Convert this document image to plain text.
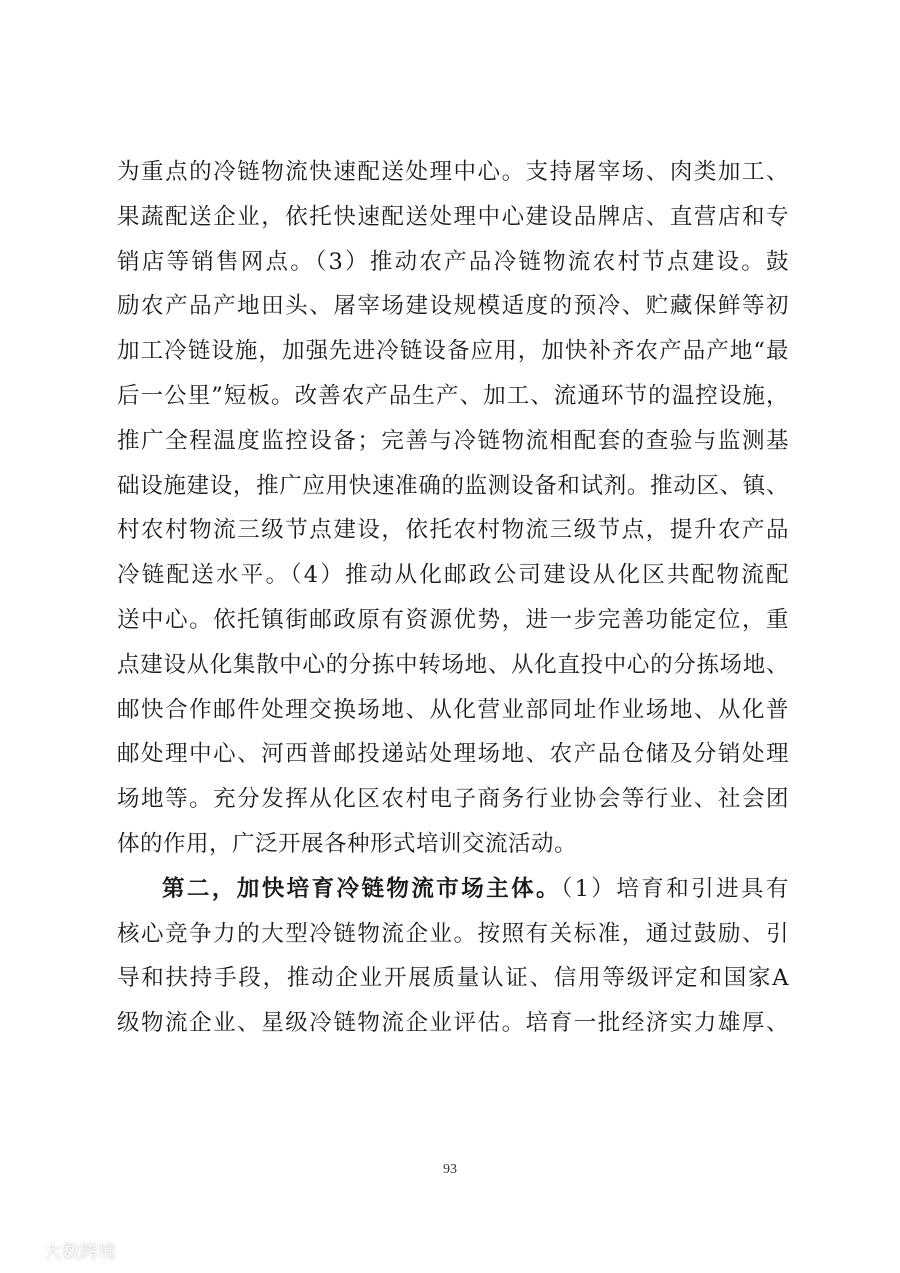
为重点的冷链物流快速配送处理中心。支持屠宰场、肉类加工、
果蔬配送企业，依托快速配送处理中心建设品牌店、直营店和专
销店等销售网点。（3）推动农产品冷链物流农村节点建设。鼓
励农产品产地田头、屠宰场建设规模适度的预冷、贮藏保鲜等初
加工冷链设施，加强先进冷链设备应用，加快补齐农产品产地“最
后一公里”短板。改善农产品生产、加工、流通环节的温控设施，
推广全程温度监控设备；完善与冷链物流相配套的查验与监测基
础设施建设，推广应用快速准确的监测设备和试剂。推动区、镇、
村农村物流三级节点建设，依托农村物流三级节点，提升农产品
冷链配送水平。（4）推动从化邮政公司建设从化区共配物流配
送中心。依托镇街邮政原有资源优势，进一步完善功能定位，重
点建设从化集散中心的分拣中转场地、从化直投中心的分拣场地、
邮快合作邮件处理交换场地、从化营业部同址作业场地、从化普
邮处理中心、河西普邮投递站处理场地、农产品仓储及分销处理
场地等。充分发挥从化区农村电子商务行业协会等行业、社会团
体的作用，广泛开展各种形式培训交流活动。
第二，加快培育冷链物流市场主体。（1）培育和引进具有
核心竞争力的大型冷链物流企业。按照有关标准，通过鼓励、引
导和扶持手段，推动企业开展质量认证、信用等级评定和国家A
级物流企业、星级冷链物流企业评估。培育一批经济实力雄厚、
93
大数跨境
